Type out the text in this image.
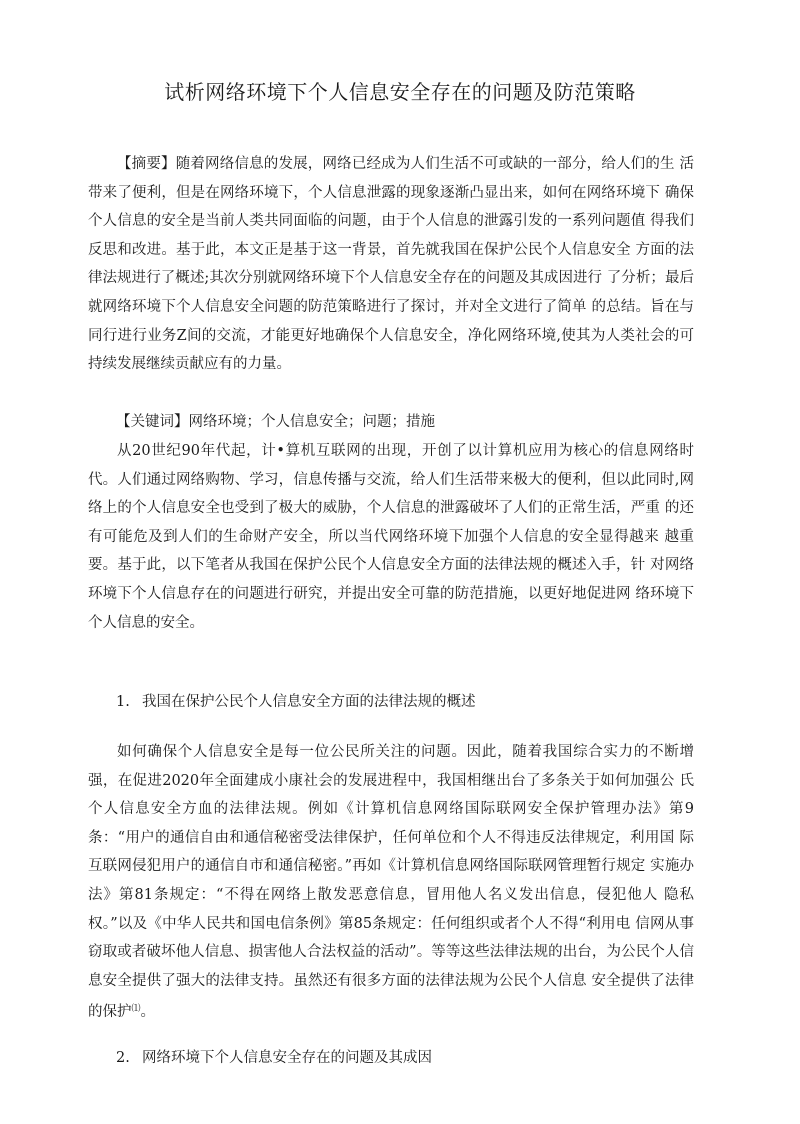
试析网络环境下个人信息安全存在的问题及防范策略

【摘要】随着网络信息的发展，网络已经成为人们生活不可或缺的一部分，给人们的生 活带来了便利，但是在网络环境下，个人信息泄露的现象逐渐凸显出来，如何在网络环境下 确保个人信息的安全是当前人类共同面临的问题，由于个人信息的泄露引发的一系列问题值 得我们反思和改进。基于此，本文正是基于这一背景，首先就我国在保护公民个人信息安全 方面的法律法规进行了概述;其次分别就网络环境下个人信息安全存在的问题及其成因进行 了分析；最后就网络环境下个人信息安全问题的防范策略进行了探讨，并对全文进行了简单 的总结。旨在与同行进行业务Z间的交流，才能更好地确保个人信息安全，净化网络环境,使其为人类社会的可持续发展继续贡献应有的力量。

【关键词】网络环境；个人信息安全；问题；措施

从20世纪90年代起，计•算机互联网的出现，开创了以计算机应用为核心的信息网络时 代。人们通过网络购物、学习，信息传播与交流，给人们生活带来极大的便利，但以此同时,网络上的个人信息安全也受到了极大的威胁，个人信息的泄露破坏了人们的正常生活，严重 的还有可能危及到人们的生命财产安全，所以当代网络环境下加强个人信息的安全显得越来 越重要。基于此，以下笔者从我国在保护公民个人信息安全方面的法律法规的概述入手，针 对网络环境下个人信息存在的问题进行研究，并提出安全可靠的防范措施，以更好地促进网 络环境下个人信息的安全。

1. 我国在保护公民个人信息安全方面的法律法规的概述

如何确保个人信息安全是每一位公民所关注的问题。因此，随着我国综合实力的不断增 强，在促进2020年全面建成小康社会的发展进程中，我国相继出台了多条关于如何加强公 氏个人信息安全方血的法律法规。例如《计算机信息网络国际联网安全保护管理办法》第9条：“用户的通信自由和通信秘密受法律保护，任何单位和个人不得违反法律规定，利用国 际互联网侵犯用户的通信自市和通信秘密。”再如《计算机信息网络国际联网管理暂行规定 实施办法》第81条规定：“不得在网络上散发恶意信息，冒用他人名义发出信息，侵犯他人 隐私权。”以及《中华人民共和国电信条例》第85条规定：任何组织或者个人不得“利用电 信网从事窃取或者破坏他人信息、损害他人合法权益的活动”。等等这些法律法规的出台，为公民个人信息安全提供了强大的法律支持。虽然还有很多方面的法律法规为公民个人信息 安全提供了法律的保护⑴。

2. 网络环境下个人信息安全存在的问题及其成因
